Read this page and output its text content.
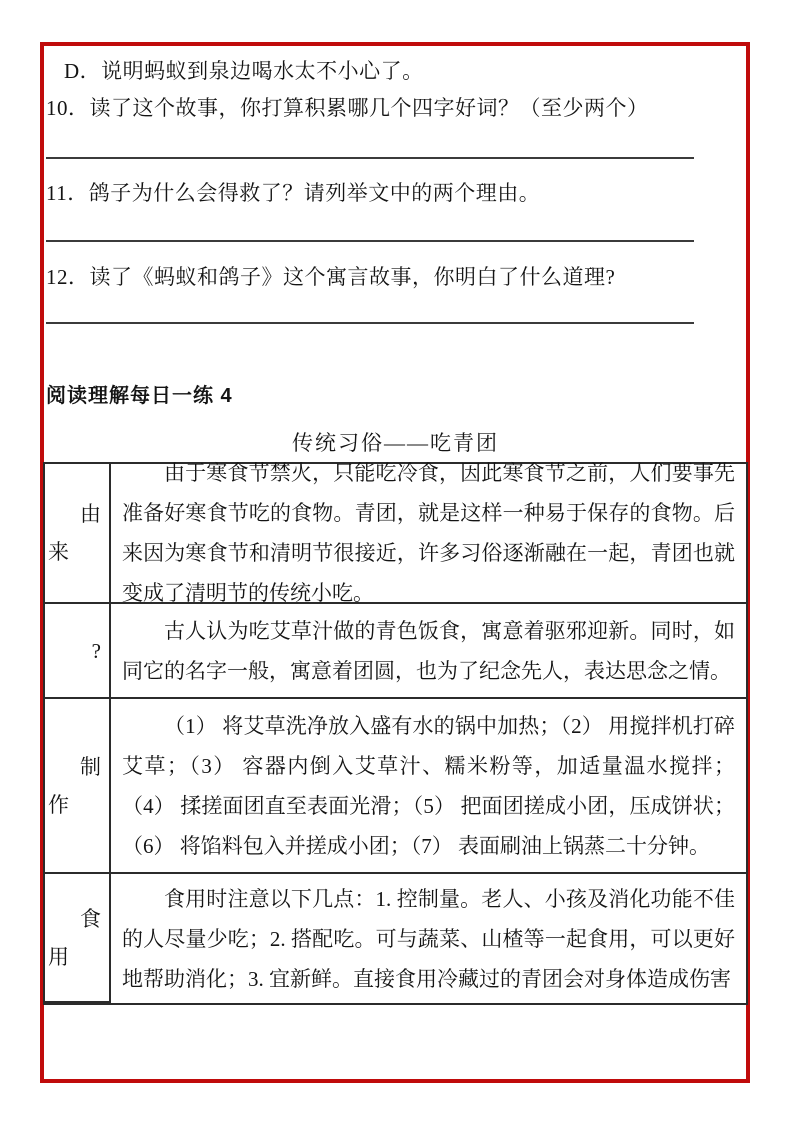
D．说明蚂蚁到泉边喝水太不小心了。
10．读了这个故事，你打算积累哪几个四字好词？（至少两个）
11．鸽子为什么会得救了？请列举文中的两个理由。
12．读了《蚂蚁和鸽子》这个寓言故事，你明白了什么道理?
阅读理解每日一练 4
传统习俗——吃青团
由
来

由于寒食节禁火，只能吃冷食，因此寒食节之前，人们要事先准备好寒食节吃的食物。青团，就是这样一种易于保存的食物。后来因为寒食节和清明节很接近，许多习俗逐渐融在一起，青团也就变成了清明节的传统小吃。

?

古人认为吃艾草汁做的青色饭食，寓意着驱邪迎新。同时，如同它的名字一般，寓意着团圆，也为了纪念先人，表达思念之情。

制
作

（1） 将艾草洗净放入盛有水的锅中加热；（2） 用搅拌机打碎艾草；（3） 容器内倒入艾草汁、糯米粉等，加适量温水搅拌；（4） 揉搓面团直至表面光滑；（5） 把面团搓成小团，压成饼状；（6） 将馅料包入并搓成小团；（7） 表面刷油上锅蒸二十分钟。

食
用

食用时注意以下几点：1. 控制量。老人、小孩及消化功能不佳的人尽量少吃；2. 搭配吃。可与蔬菜、山楂等一起食用，可以更好地帮助消化；3. 宜新鲜。直接食用冷藏过的青团会对身体造成伤害
